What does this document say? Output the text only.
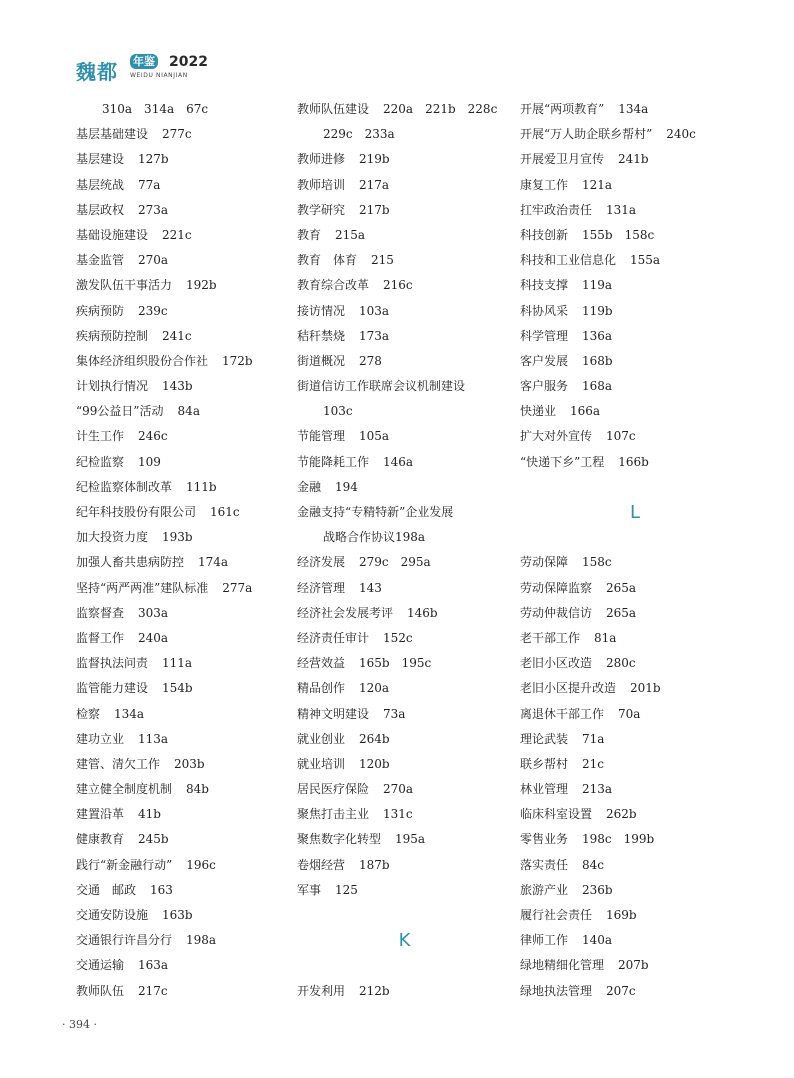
魏都 年鉴 2022
WEIDU NIANJIAN
310a　314a　67c
基层基础建设 277c
基层建设 127b
基层统战 77a
基层政权 273a
基础设施建设 221c
基金监管 270a
激发队伍干事活力 192b
疾病预防 239c
疾病预防控制 241c
集体经济组织股份合作社 172b
计划执行情况 143b
“99公益日”活动 84a
计生工作 246c
纪检监察 109
纪检监察体制改革 111b
纪年科技股份有限公司 161c
加大投资力度 193b
加强人畜共患病防控 174a
坚持“两严两准”建队标准 277a
监察督查 303a
监督工作 240a
监督执法问责 111a
监管能力建设 154b
检察 134a
建功立业 113a
建管、清欠工作 203b
建立健全制度机制 84b
建置沿革 41b
健康教育 245b
践行“新金融行动” 196c
交通　邮政 163
交通安防设施 163b
交通银行许昌分行 198a
交通运输 163a
教师队伍 217c
教师队伍建设 220a　221b　228c
229c　233a
教师进修 219b
教师培训 217a
教学研究 217b
教育 215a
教育　体育 215
教育综合改革 216c
接访情况 103a
秸秆禁烧 173a
街道概况 278
街道信访工作联席会议机制建设
103c
节能管理 105a
节能降耗工作 146a
金融 194
金融支持“专精特新”企业发展
战略合作协议198a
经济发展 279c　295a
经济管理 143
经济社会发展考评 146b
经济责任审计 152c
经营效益 165b　195c
精品创作 120a
精神文明建设 73a
就业创业 264b
就业培训 120b
居民医疗保险 270a
聚焦打击主业 131c
聚焦数字化转型 195a
卷烟经营 187b
军事 125
K
开发利用 212b
开展“两项教育” 134a
开展“万人助企联乡帮村” 240c
开展爱卫月宣传 241b
康复工作 121a
扛牢政治责任 131a
科技创新 155b　158c
科技和工业信息化 155a
科技支撑 119a
科协风采 119b
科学管理 136a
客户发展 168b
客户服务 168a
快递业 166a
扩大对外宣传 107c
“快递下乡”工程 166b
L
劳动保障 158c
劳动保障监察 265a
劳动仲裁信访 265a
老干部工作 81a
老旧小区改造 280c
老旧小区提升改造 201b
离退休干部工作 70a
理论武装 71a
联乡帮村 21c
林业管理 213a
临床科室设置 262b
零售业务 198c　199b
落实责任 84c
旅游产业 236b
履行社会责任 169b
律师工作 140a
绿地精细化管理 207b
绿地执法管理 207c
· 394 ·
